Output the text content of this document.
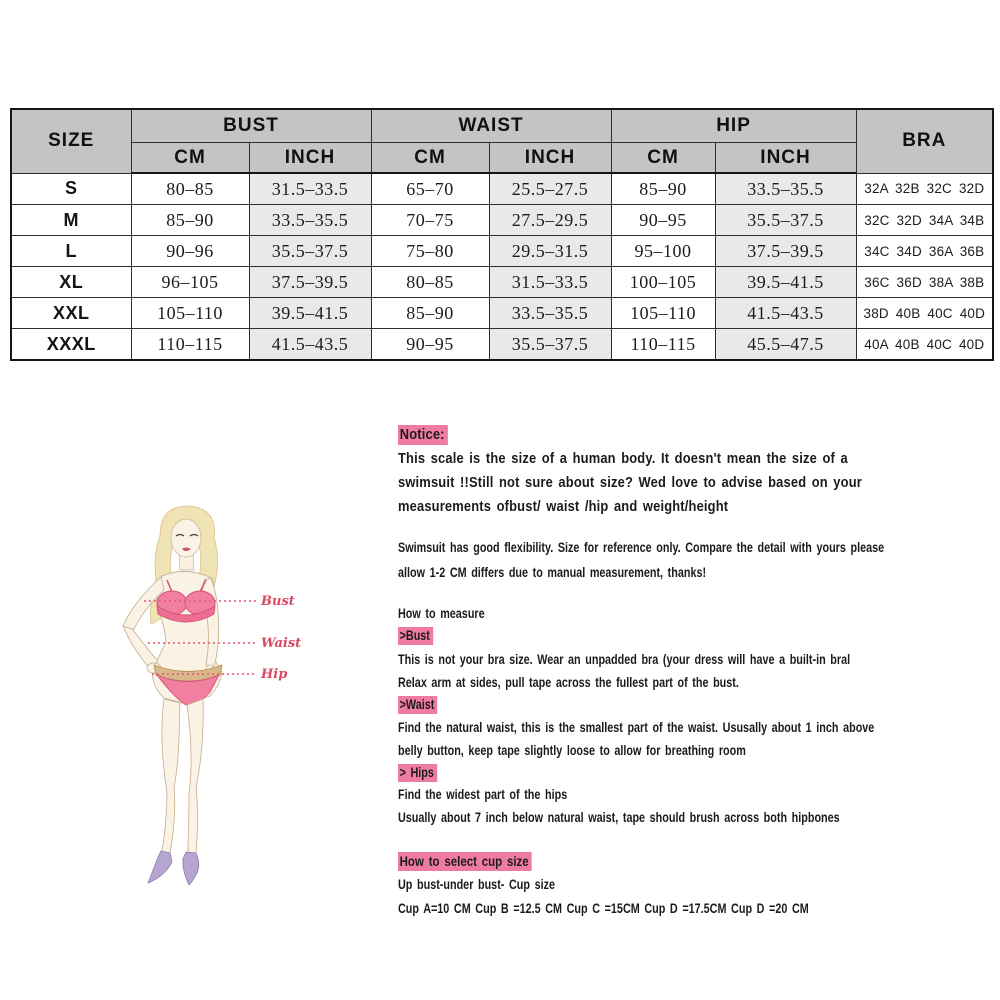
SIZE	BUST		WAIST		HIP		BRA
	CM	INCH	CM	INCH	CM	INCH	
S	80–85	31.5–33.5	65–70	25.5–27.5	85–90	33.5–35.5	32A 32B 32C 32D
M	85–90	33.5–35.5	70–75	27.5–29.5	90–95	35.5–37.5	32C 32D 34A 34B
L	90–96	35.5–37.5	75–80	29.5–31.5	95–100	37.5–39.5	34C 34D 36A 36B
XL	96–105	37.5–39.5	80–85	31.5–33.5	100–105	39.5–41.5	36C 36D 38A 38B
XXL	105–110	39.5–41.5	85–90	33.5–35.5	105–110	41.5–43.5	38D 40B 40C 40D
XXXL	110–115	41.5–43.5	90–95	35.5–37.5	110–115	45.5–47.5	40A 40B 40C 40D
Bust
Waist
Hip
Notice:
This scale is the size of a human body. It doesn't mean the size of a
swimsuit !!Still not sure about size? Wed love to advise based on your
measurements ofbust/ waist /hip and weight/height
Swimsuit has good flexibility. Size for reference only. Compare the detail with yours please
allow 1-2 CM differs due to manual measurement, thanks!
How to measure
>Bust
This is not your bra size. Wear an unpadded bra (your dress will have a built-in bral
Relax arm at sides, pull tape across the fullest part of the bust.
>Waist
Find the natural waist, this is the smallest part of the waist. Ususally about 1 inch above
belly button, keep tape slightly loose to allow for breathing room
> Hips
Find the widest part of the hips
Usually about 7 inch below natural waist, tape should brush across both hipbones
How to select cup size
Up bust-under bust- Cup size
Cup A=10 CM Cup B =12.5 CM Cup C =15CM Cup D =17.5CM Cup D =20 CM
